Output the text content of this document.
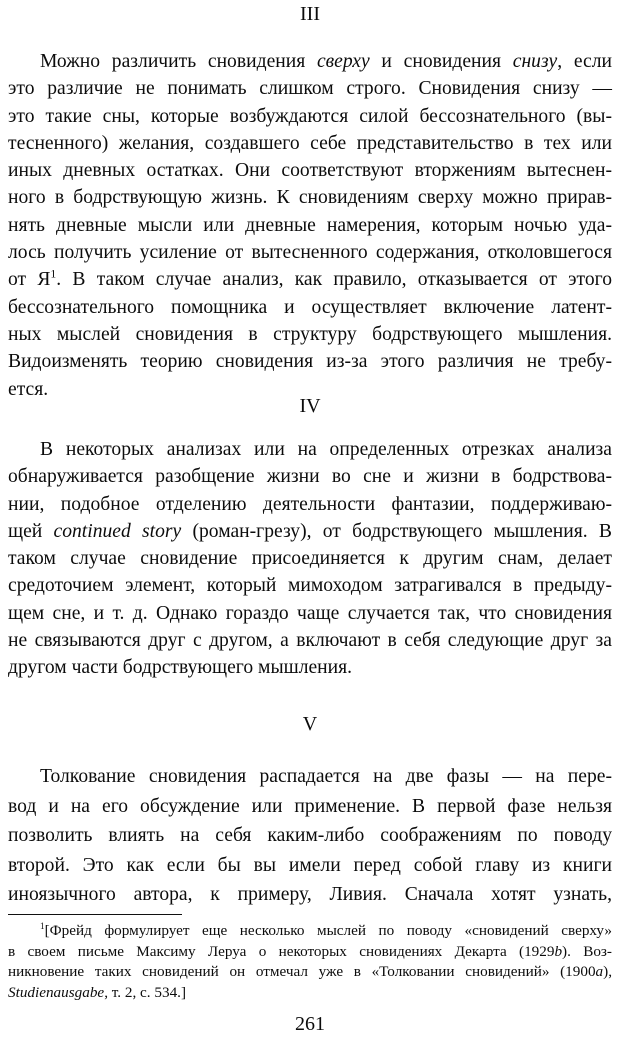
III
Можно различить сновидения сверху и сновидения снизу, если
это различие не понимать слишком строго. Сновидения снизу —
это такие сны, которые возбуждаются силой бессознательного (вы-
тесненного) желания, создавшего себе представительство в тех или
иных дневных остатках. Они соответствуют вторжениям вытеснен-
ного в бодрствующую жизнь. К сновидениям сверху можно прирав-
нять дневные мысли или дневные намерения, которым ночью уда-
лось получить усиление от вытесненного содержания, отколовшегося
от $Я^1$. В таком случае анализ, как правило, отказывается от этого
бессознательного помощника и осуществляет включение латент-
ных мыслей сновидения в структуру бодрствующего мышления.
Видоизменять теорию сновидения из-за этого различия не требу-
ется.
IV
В некоторых анализах или на определенных отрезках анализа
обнаруживается разобщение жизни во сне и жизни в бодрствова-
нии, подобное отделению деятельности фантазии, поддерживаю-
щей continued story (роман-грезу), от бодрствующего мышления. В
таком случае сновидение присоединяется к другим снам, делает
средоточием элемент, который мимоходом затрагивался в предыду-
щем сне, и т. д. Однако гораздо чаще случается так, что сновидения
не связываются друг с другом, а включают в себя следующие друг за
другом части бодрствующего мышления.
V
Толкование сновидения распадается на две фазы — на пере-
вод и на его обсуждение или применение. В первой фазе нельзя
позволить влиять на себя каким-либо соображениям по поводу
второй. Это как если бы вы имели перед собой главу из книги
иноязычного автора, к примеру, Ливия. Сначала хотят узнать,
$^1$[Фрейд формулирует еще несколько мыслей по поводу «сновидений сверху»
в своем письме Максиму Леруа о некоторых сновидениях Декарта (1929b). Воз-
никновение таких сновидений он отмечал уже в «Толковании сновидений» (1900a),
Studienausgabe, т. 2, с. 534.]
261
